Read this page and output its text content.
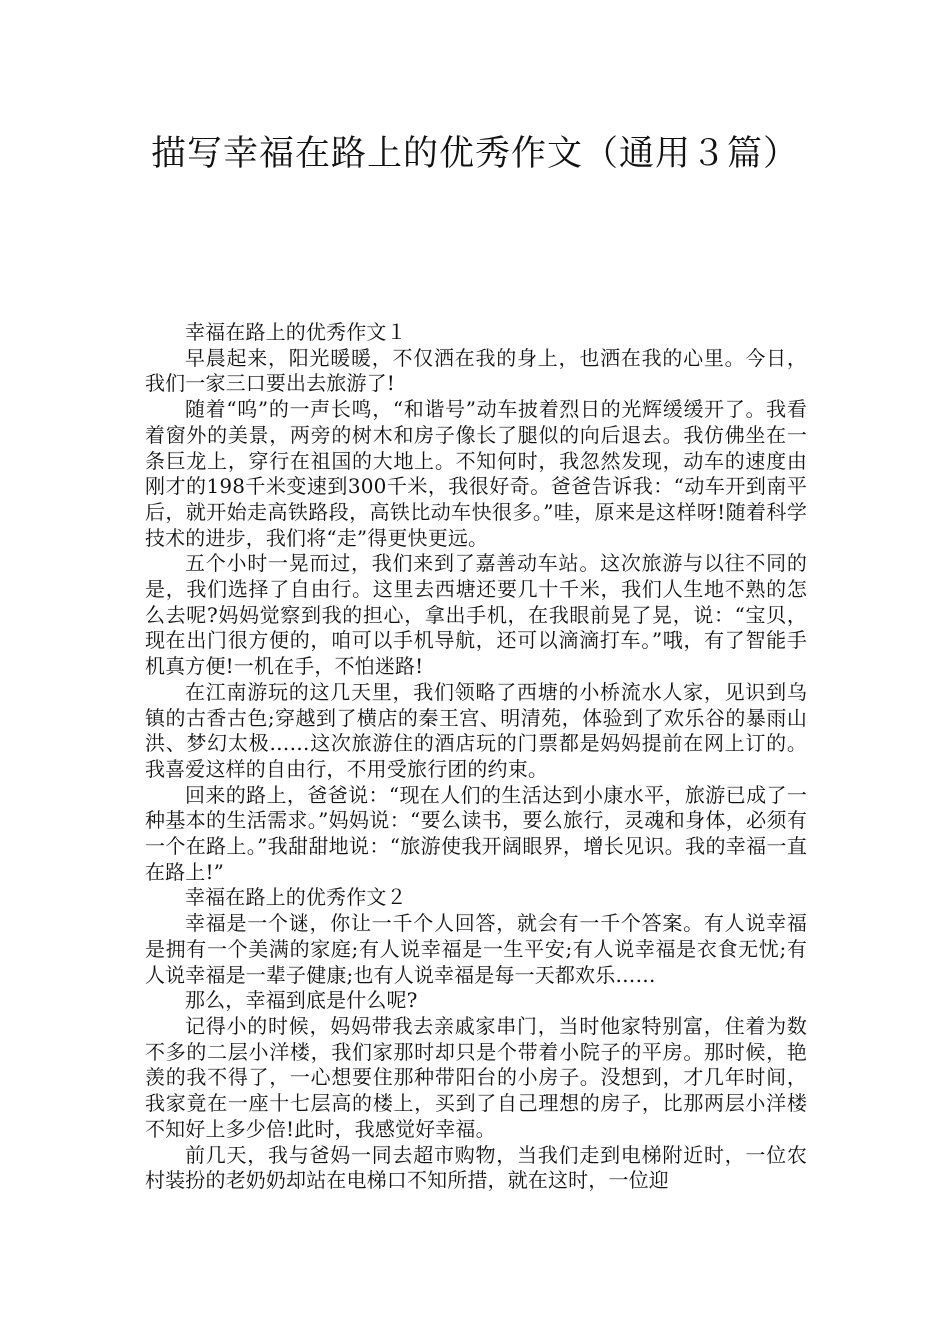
描写幸福在路上的优秀作文（通用３篇）

幸福在路上的优秀作文１

早晨起来，阳光暖暖，不仅洒在我的身上，也洒在我的心里。今日，我们一家三口要出去旅游了!

随着“呜”的一声长鸣，“和谐号”动车披着烈日的光辉缓缓开了。我看着窗外的美景，两旁的树木和房子像长了腿似的向后退去。我仿佛坐在一条巨龙上，穿行在祖国的大地上。不知何时，我忽然发现，动车的速度由刚才的198千米变速到300千米，我很好奇。爸爸告诉我：“动车开到南平后，就开始走高铁路段，高铁比动车快很多。”哇，原来是这样呀!随着科学技术的进步，我们将“走”得更快更远。

五个小时一晃而过，我们来到了嘉善动车站。这次旅游与以往不同的是，我们选择了自由行。这里去西塘还要几十千米，我们人生地不熟的怎么去呢?妈妈觉察到我的担心，拿出手机，在我眼前晃了晃，说：“宝贝，现在出门很方便的，咱可以手机导航，还可以滴滴打车。”哦，有了智能手机真方便!一机在手，不怕迷路!

在江南游玩的这几天里，我们领略了西塘的小桥流水人家，见识到乌镇的古香古色;穿越到了横店的秦王宫、明清苑，体验到了欢乐谷的暴雨山洪、梦幻太极……这次旅游住的酒店玩的门票都是妈妈提前在网上订的。我喜爱这样的自由行，不用受旅行团的约束。

回来的路上，爸爸说：“现在人们的生活达到小康水平，旅游已成了一种基本的生活需求。”妈妈说：“要么读书，要么旅行，灵魂和身体，必须有一个在路上。”我甜甜地说：“旅游使我开阔眼界，增长见识。我的幸福一直在路上!”

幸福在路上的优秀作文２

幸福是一个谜，你让一千个人回答，就会有一千个答案。有人说幸福是拥有一个美满的家庭;有人说幸福是一生平安;有人说幸福是衣食无忧;有人说幸福是一辈子健康;也有人说幸福是每一天都欢乐……

那么，幸福到底是什么呢?

记得小的时候，妈妈带我去亲戚家串门，当时他家特别富，住着为数不多的二层小洋楼，我们家那时却只是个带着小院子的平房。那时候，艳羡的我不得了，一心想要住那种带阳台的小房子。没想到，才几年时间，我家竟在一座十七层高的楼上，买到了自己理想的房子，比那两层小洋楼不知好上多少倍!此时，我感觉好幸福。

前几天，我与爸妈一同去超市购物，当我们走到电梯附近时，一位农村装扮的老奶奶却站在电梯口不知所措，就在这时，一位迎
